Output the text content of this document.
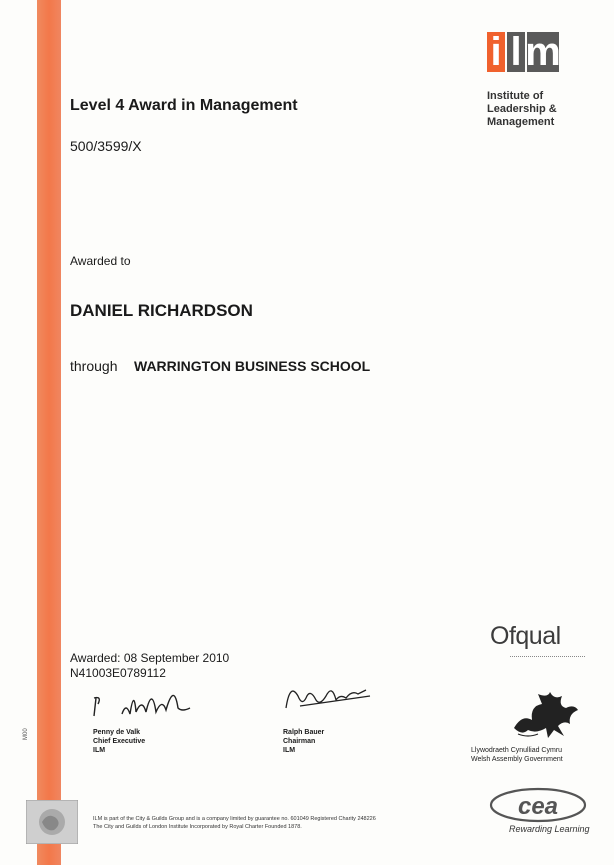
Level 4 Award in Management
500/3599/X
Awarded to
DANIEL RICHARDSON
through WARRINGTON BUSINESS SCHOOL
Awarded: 08 September 2010
N41003E0789112
i l m
Institute of
Leadership &
Management
Penny de Valk
Chief Executive
ILM
Ralph Bauer
Chairman
ILM
M00
Ofqual
Llywodraeth Cynulliad Cymru
Welsh Assembly Government
cea
Rewarding Learning
ILM is part of the City & Guilds Group and is a company limited by guarantee no. 601049 Registered Charity 248226
The City and Guilds of London Institute Incorporated by Royal Charter Founded 1878.
